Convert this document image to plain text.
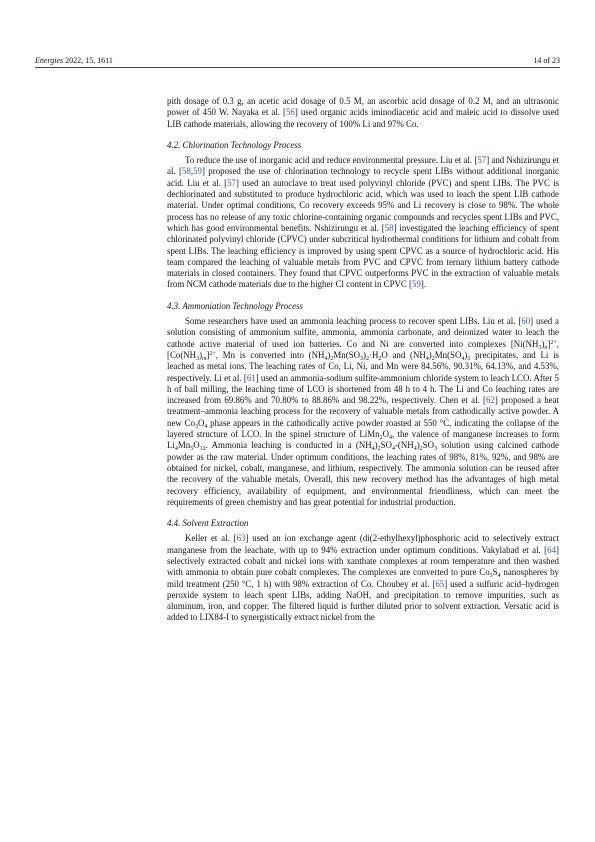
Energies 2022, 15, 1611	14 of 23

pith dosage of 0.3 g, an acetic acid dosage of 0.5 M, an ascorbic acid dosage of 0.2 M, and an ultrasonic power of 450 W. Nayaka et al. [56] used organic acids iminodiacetic acid and maleic acid to dissolve used LIB cathode materials, allowing the recovery of 100% Li and 97% Co.

4.2. Chlorination Technology Process

To reduce the use of inorganic acid and reduce environmental pressure. Liu et al. [57] and Nshizirungu et al. [58,59] proposed the use of chlorination technology to recycle spent LIBs without additional inorganic acid. Liu et al. [57] used an autoclave to treat used polyvinyl chloride (PVC) and spent LIBs. The PVC is dechlorinated and substituted to produce hydrochloric acid, which was used to leach the spent LIB cathode material. Under optimal conditions, Co recovery exceeds 95% and Li recovery is close to 98%. The whole process has no release of any toxic chlorine-containing organic compounds and recycles spent LIBs and PVC, which has good environmental benefits. Nshizirungu et al. [58] investigated the leaching efficiency of spent chlorinated polyvinyl chloride (CPVC) under subcritical hydrothermal conditions for lithium and cobalt from spent LIBs. The leaching efficiency is improved by using spent CPVC as a source of hydrochloric acid. His team compared the leaching of valuable metals from PVC and CPVC from ternary lithium battery cathode materials in closed containers. They found that CPVC outperforms PVC in the extraction of valuable metals from NCM cathode materials due to the higher Cl content in CPVC [59].

4.3. Ammoniation Technology Process

Some researchers have used an ammonia leaching process to recover spent LIBs. Liu et al. [60] used a solution consisting of ammonium sulfite, ammonia, ammonia carbonate, and deionized water to leach the cathode active material of used ion batteries. Co and Ni are converted into complexes $[Ni(NH_3)_n]^{2+}$, $[Co(NH_3)_m]^{2+}$, Mn is converted into $(NH_4)_2Mn(SO_3)_2\cdot H_2O$ and $(NH_4)_2Mn(SO_4)_3$ precipitates, and Li is leached as metal ions. The leaching rates of Co, Li, Ni, and Mn were 84.56%, 90.31%, 64.13%, and 4.53%, respectively. Li et al. [61] used an ammonia-sodium sulfite-ammonium chloride system to leach LCO. After 5 h of ball milling, the leaching time of LCO is shortened from 48 h to 4 h. The Li and Co leaching rates are increased from 69.86% and 70.80% to 88.86% and 98.22%, respectively. Chen et al. [62] proposed a heat treatment–ammonia leaching process for the recovery of valuable metals from cathodically active powder. A new $Co_3O_4$ phase appears in the cathodically active powder roasted at 550 °C, indicating the collapse of the layered structure of LCO. In the spinel structure of $LiMn_2O_4$, the valence of manganese increases to form $Li_4Mn_5O_{12}$. Ammonia leaching is conducted in a $(NH_4)_2SO_4-(NH_4)_2SO_3$ solution using calcined cathode powder as the raw material. Under optimum conditions, the leaching rates of 98%, 81%, 92%, and 98% are obtained for nickel, cobalt, manganese, and lithium, respectively. The ammonia solution can be reused after the recovery of the valuable metals. Overall, this new recovery method has the advantages of high metal recovery efficiency, availability of equipment, and environmental friendliness, which can meet the requirements of green chemistry and has great potential for industrial production.

4.4. Solvent Extraction

Keller et al. [63] used an ion exchange agent (di(2-ethylhexyl)phosphoric acid to selectively extract manganese from the leachate, with up to 94% extraction under optimum conditions. Vakylabad et al. [64] selectively extracted cobalt and nickel ions with xanthate complexes at room temperature and then washed with ammonia to obtain pure cobalt complexes. The complexes are converted to pure $Co_3S_4$ nanospheres by mild treatment (250 °C, 1 h) with 98% extraction of Co. Choubey et al. [65] used a sulfuric acid–hydrogen peroxide system to leach spent LIBs, adding NaOH, and precipitation to remove impurities, such as aluminum, iron, and copper. The filtered liquid is further diluted prior to solvent extraction. Versatic acid is added to LIX84-I to synergistically extract nickel from the
